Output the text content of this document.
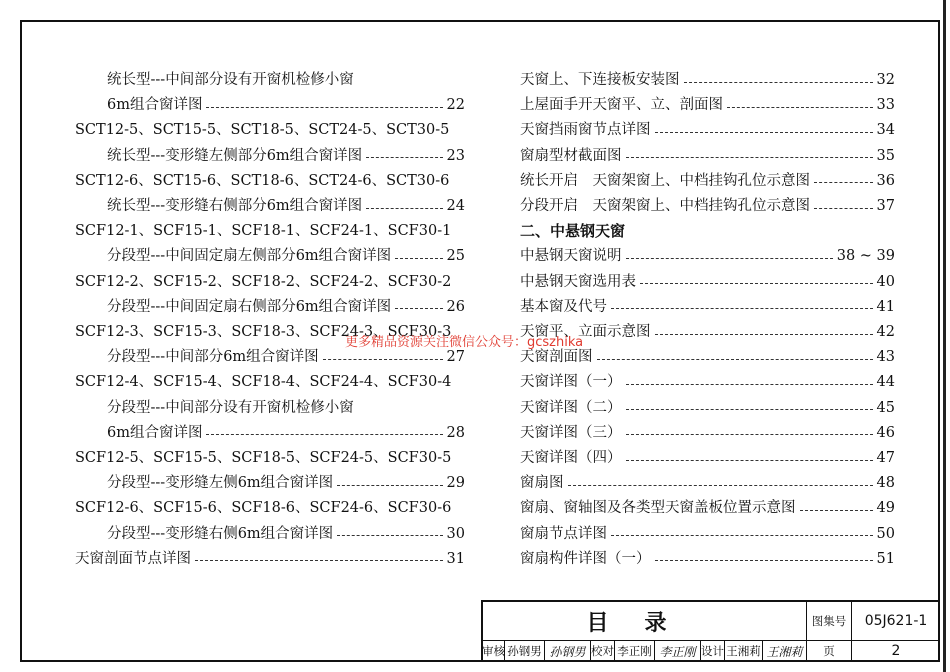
统长型---中间部分设有开窗机检修小窗
6m组合窗详图	22
SCT12-5、SCT15-5、SCT18-5、SCT24-5、SCT30-5
统长型---变形缝左侧部分6m组合窗详图	23
SCT12-6、SCT15-6、SCT18-6、SCT24-6、SCT30-6
统长型---变形缝右侧部分6m组合窗详图	24
SCF12-1、SCF15-1、SCF18-1、SCF24-1、SCF30-1
分段型---中间固定扇左侧部分6m组合窗详图	25
SCF12-2、SCF15-2、SCF18-2、SCF24-2、SCF30-2
分段型---中间固定扇右侧部分6m组合窗详图	26
SCF12-3、SCF15-3、SCF18-3、SCF24-3、SCF30-3
分段型---中间部分6m组合窗详图	27
SCF12-4、SCF15-4、SCF18-4、SCF24-4、SCF30-4
分段型---中间部分设有开窗机检修小窗
6m组合窗详图	28
SCF12-5、SCF15-5、SCF18-5、SCF24-5、SCF30-5
分段型---变形缝左侧6m组合窗详图	29
SCF12-6、SCF15-6、SCF18-6、SCF24-6、SCF30-6
分段型---变形缝右侧6m组合窗详图	30
天窗剖面节点详图	31
天窗上、下连接板安装图	32
上屋面手开天窗平、立、剖面图	33
天窗挡雨窗节点详图	34
窗扇型材截面图	35
统长开启　天窗架窗上、中档挂钩孔位示意图	36
分段开启　天窗架窗上、中档挂钩孔位示意图	37
二、中悬钢天窗
中悬钢天窗说明	38 ~ 39
中悬钢天窗选用表	40
基本窗及代号	41
天窗平、立面示意图	42
天窗剖面图	43
天窗详图（一）	44
天窗详图（二）	45
天窗详图（三）	46
天窗详图（四）	47
窗扇图	48
窗扇、窗轴图及各类型天窗盖板位置示意图	49
窗扇节点详图	50
窗扇构件详图（一）	51
更多精品资源关注微信公众号：gcszhika
目录	图集号	05J621-1
审核 孙钢男 孙钢男 校对 李正刚 李正刚 设计 王湘莉 王湘莉	页	2
